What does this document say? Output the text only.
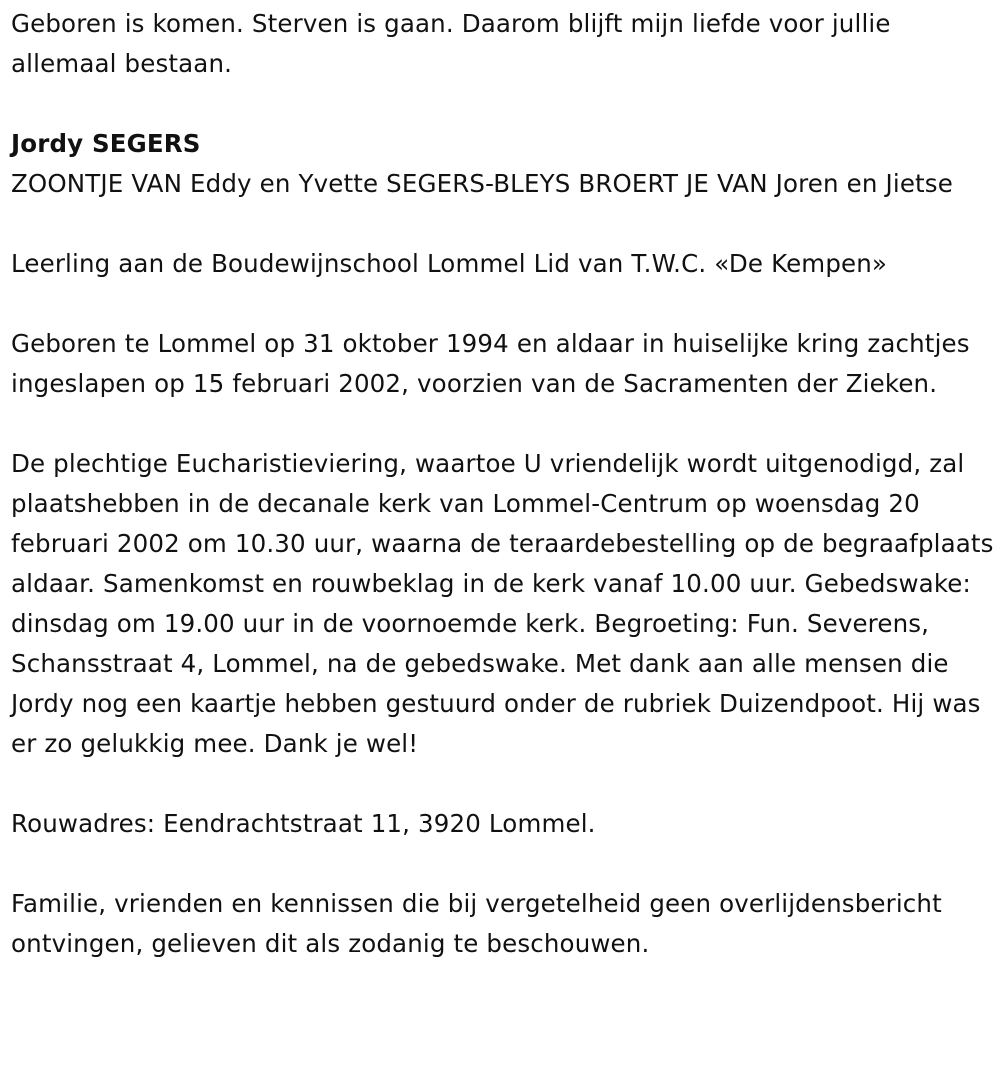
Geboren is komen. Sterven is gaan. Daarom blijft mijn liefde voor jullie allemaal bestaan.

Jordy SEGERS

ZOONTJE VAN Eddy en Yvette SEGERS-BLEYS BROERT JE VAN Joren en Jietse

Leerling aan de Boudewijnschool Lommel Lid van T.W.C. «De Kempen»

Geboren te Lommel op 31 oktober 1994 en aldaar in huiselijke kring zachtjes ingeslapen op 15 februari 2002, voorzien van de Sacramenten der Zieken.

De plechtige Eucharistieviering, waartoe U vriendelijk wordt uitgenodigd, zal plaatshebben in de decanale kerk van Lommel-Centrum op woensdag 20 februari 2002 om 10.30 uur, waarna de teraardebestelling op de begraafplaats aldaar. Samenkomst en rouwbeklag in de kerk vanaf 10.00 uur. Gebedswake: dinsdag om 19.00 uur in de voornoemde kerk. Begroeting: Fun. Severens, Schansstraat 4, Lommel, na de gebedswake. Met dank aan alle mensen die Jordy nog een kaartje hebben gestuurd onder de rubriek Duizendpoot. Hij was er zo gelukkig mee. Dank je wel!

Rouwadres: Eendrachtstraat 11, 3920 Lommel.

Familie, vrienden en kennissen die bij vergetelheid geen overlijdensbericht ontvingen, gelieven dit als zodanig te beschouwen.
